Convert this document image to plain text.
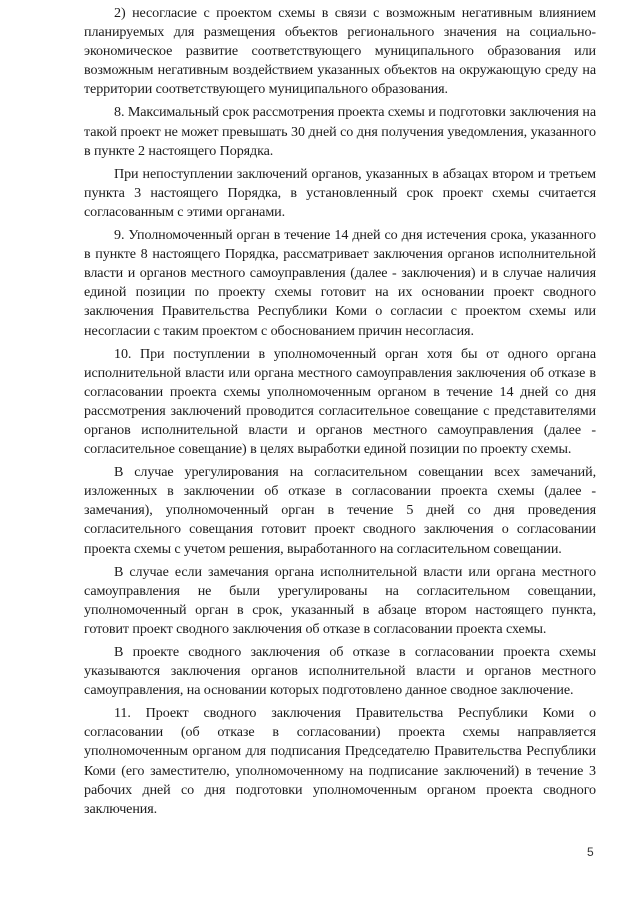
2) несогласие с проектом схемы в связи с возможным негативным влиянием планируемых для размещения объектов регионального значения на социально-экономическое развитие соответствующего муниципального образования или возможным негативным воздействием указанных объектов на окружающую среду на территории соответствующего муниципального образования.

8. Максимальный срок рассмотрения проекта схемы и подготовки заключения на такой проект не может превышать 30 дней со дня получения уведомления, указанного в пункте 2 настоящего Порядка.

При непоступлении заключений органов, указанных в абзацах втором и третьем пункта 3 настоящего Порядка, в установленный срок проект схемы считается согласованным с этими органами.

9. Уполномоченный орган в течение 14 дней со дня истечения срока, указанного в пункте 8 настоящего Порядка, рассматривает заключения органов исполнительной власти и органов местного самоуправления (далее - заключения) и в случае наличия единой позиции по проекту схемы готовит на их основании проект сводного заключения Правительства Республики Коми о согласии с проектом схемы или несогласии с таким проектом с обоснованием причин несогласия.

10. При поступлении в уполномоченный орган хотя бы от одного органа исполнительной власти или органа местного самоуправления заключения об отказе в согласовании проекта схемы уполномоченным органом в течение 14 дней со дня рассмотрения заключений проводится согласительное совещание с представителями органов исполнительной власти и органов местного самоуправления (далее - согласительное совещание) в целях выработки единой позиции по проекту схемы.

В случае урегулирования на согласительном совещании всех замечаний, изложенных в заключении об отказе в согласовании проекта схемы (далее - замечания), уполномоченный орган в течение 5 дней со дня проведения согласительного совещания готовит проект сводного заключения о согласовании проекта схемы с учетом решения, выработанного на согласительном совещании.

В случае если замечания органа исполнительной власти или органа местного самоуправления не были урегулированы на согласительном совещании, уполномоченный орган в срок, указанный в абзаце втором настоящего пункта, готовит проект сводного заключения об отказе в согласовании проекта схемы.

В проекте сводного заключения об отказе в согласовании проекта схемы указываются заключения органов исполнительной власти и органов местного самоуправления, на основании которых подготовлено данное сводное заключение.

11. Проект сводного заключения Правительства Республики Коми о согласовании (об отказе в согласовании) проекта схемы направляется уполномоченным органом для подписания Председателю Правительства Республики Коми (его заместителю, уполномоченному на подписание заключений) в течение 3 рабочих дней со дня подготовки уполномоченным органом проекта сводного заключения.

5
